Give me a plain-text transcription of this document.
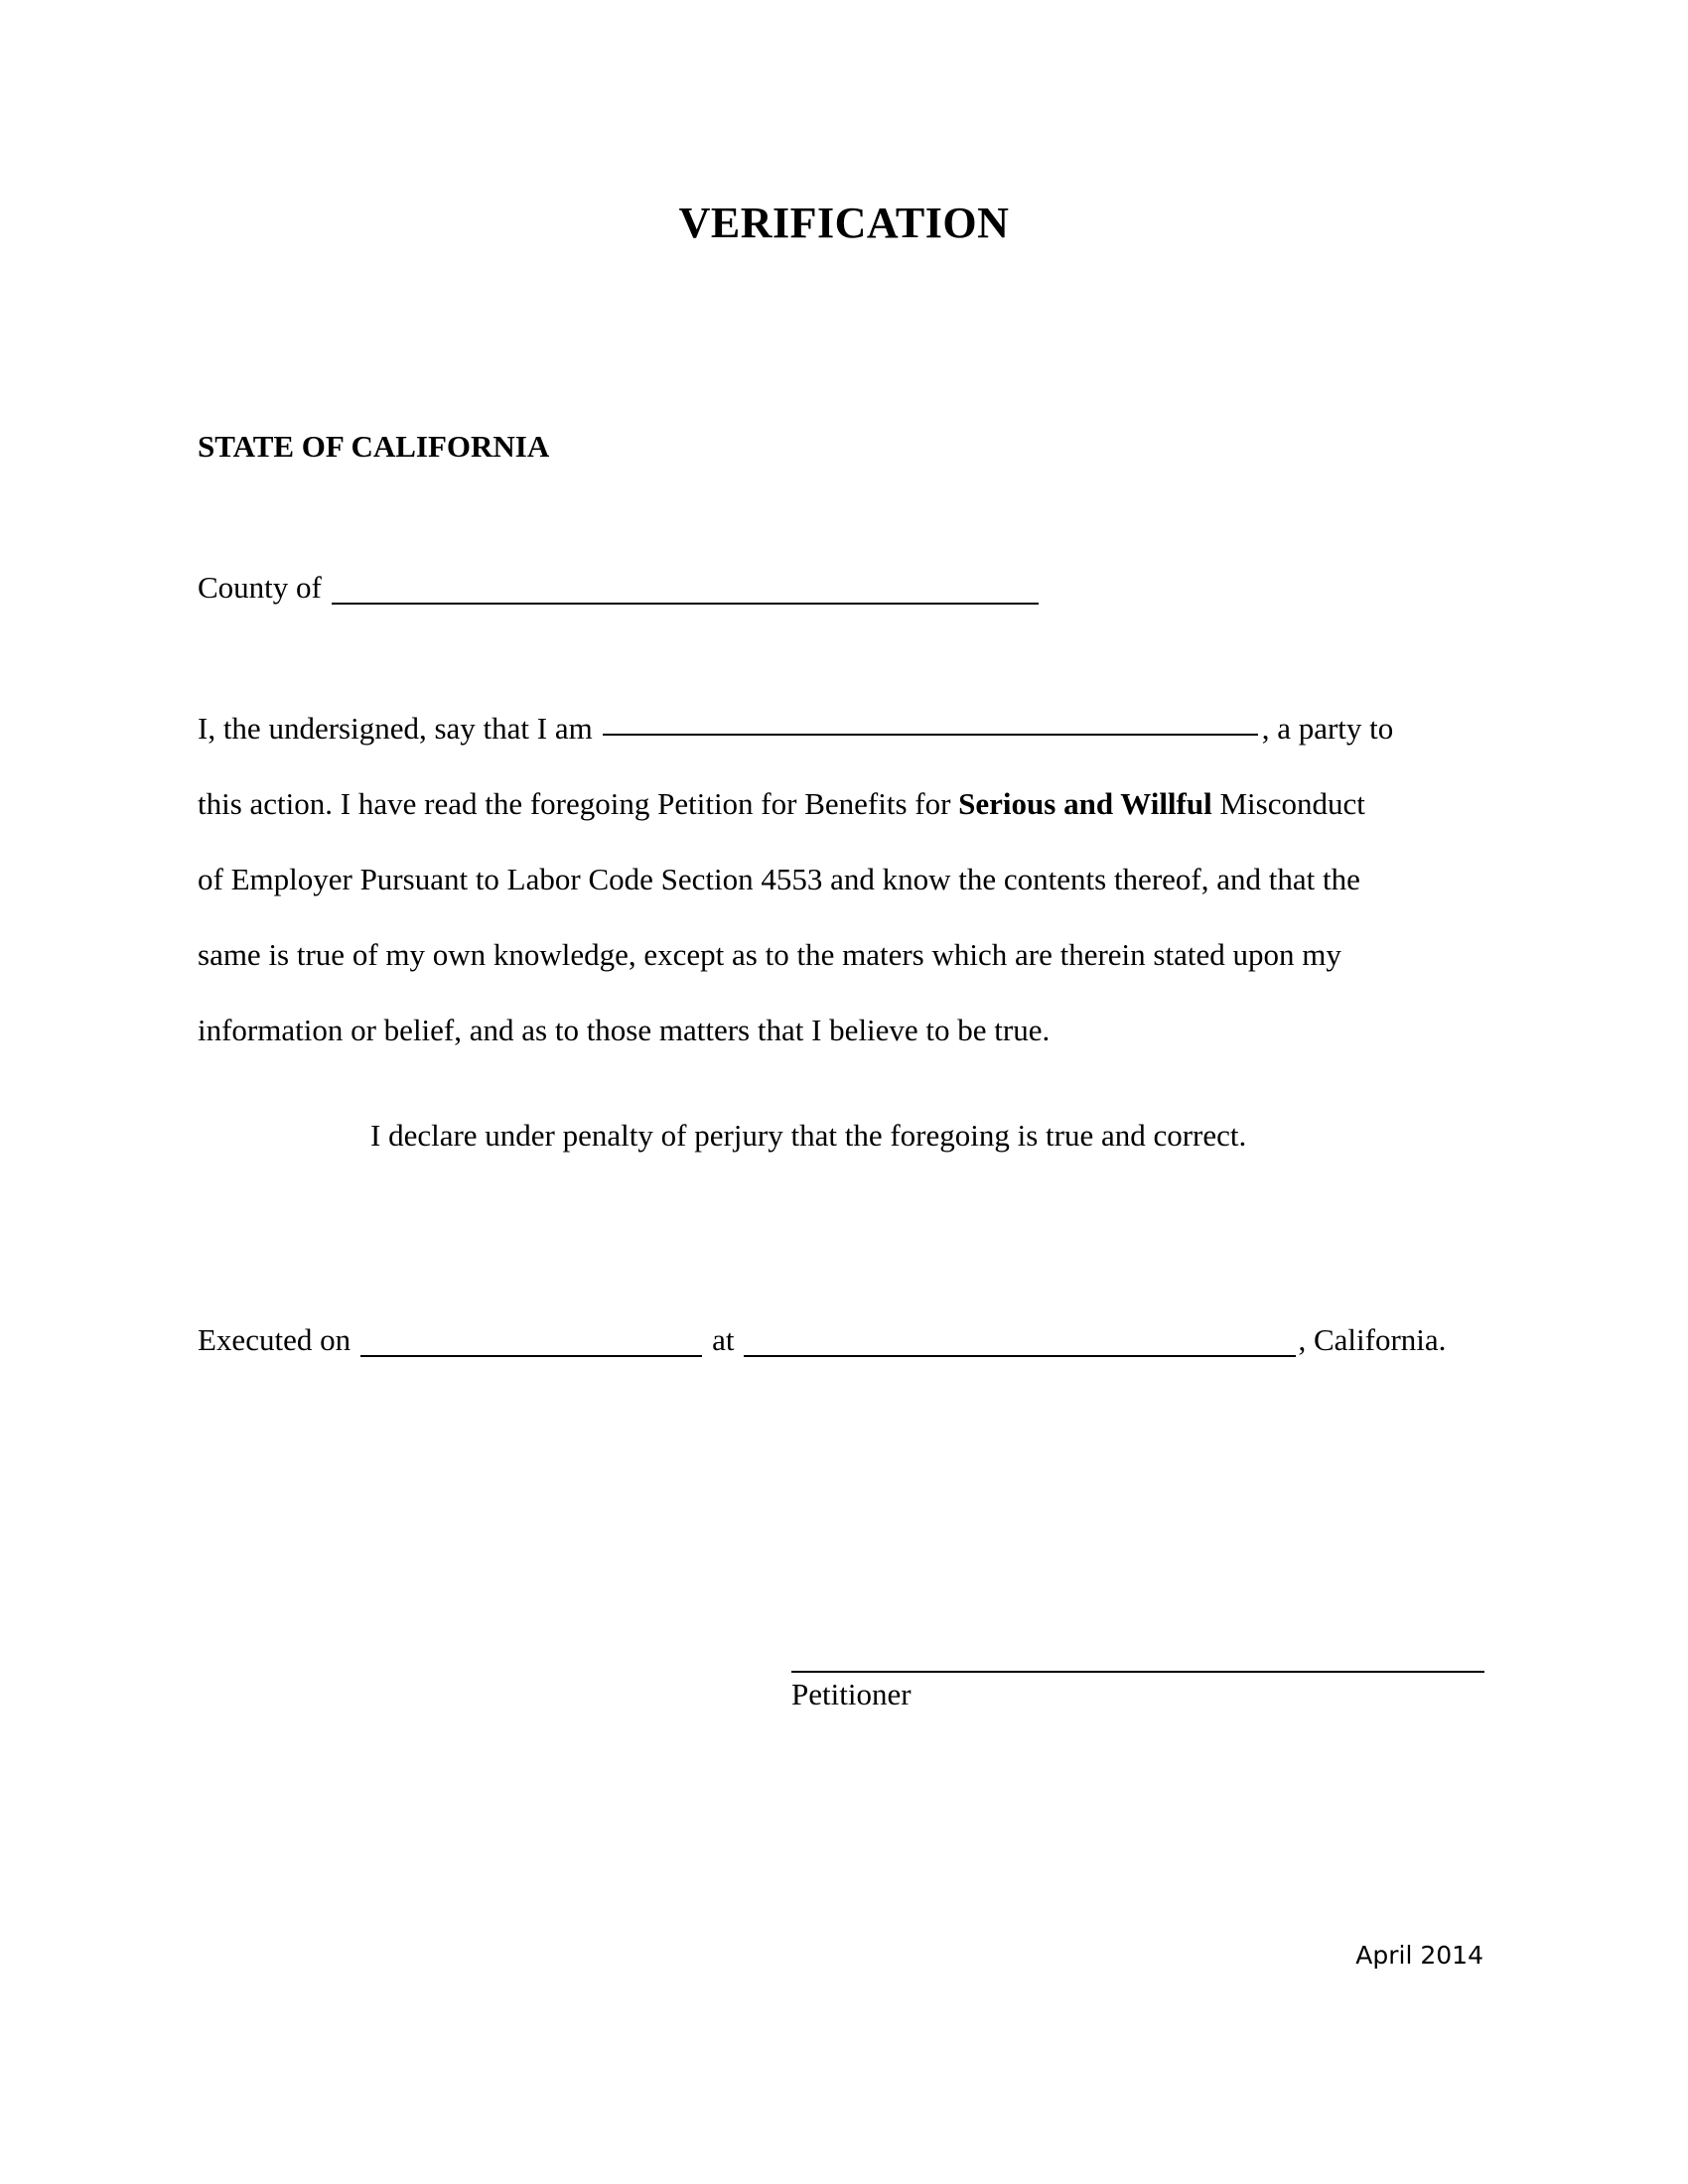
VERIFICATION
STATE OF CALIFORNIA
County of
I, the undersigned, say that I am	, a party to
this action. I have read the foregoing Petition for Benefits for Serious and Willful Misconduct
of Employer Pursuant to Labor Code Section 4553 and know the contents thereof, and that the
same is true of my own knowledge, except as to the maters which are therein stated upon my
information or belief, and as to those matters that I believe to be true.
I declare under penalty of perjury that the foregoing is true and correct.
Executed on	at	, California.
Petitioner
April 2014
